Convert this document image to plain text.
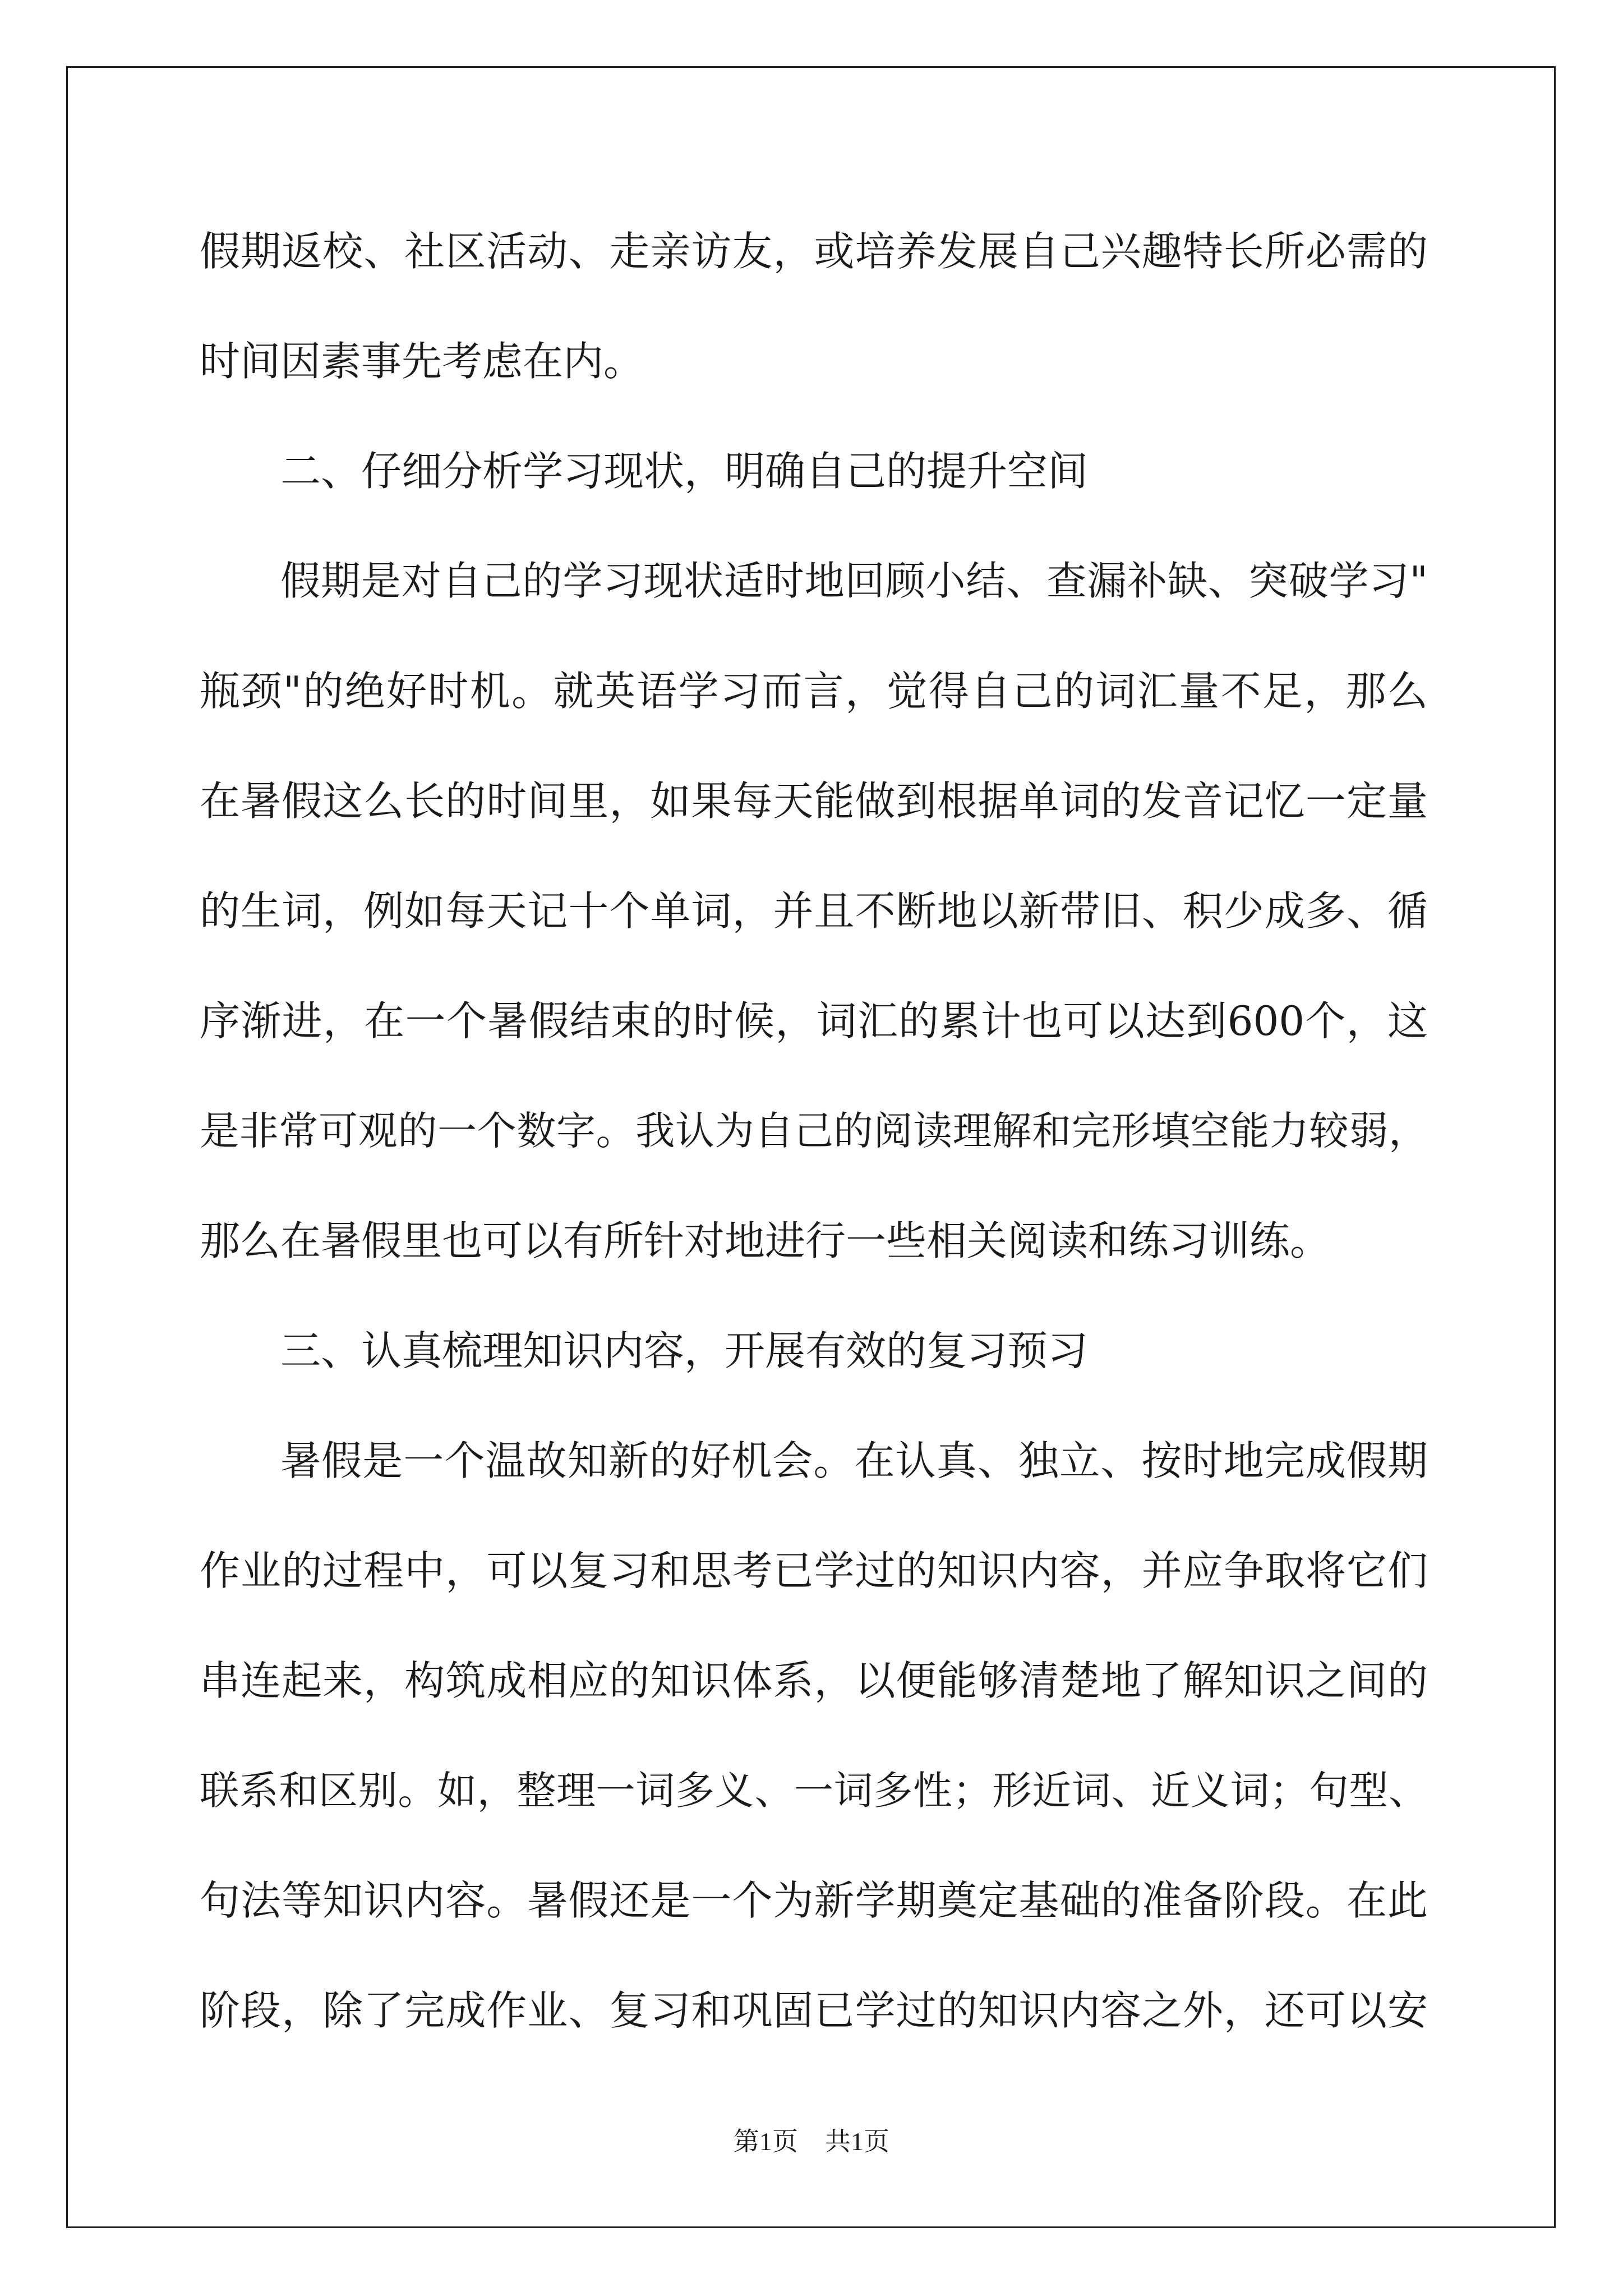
假期返校、社区活动、走亲访友，或培养发展自己兴趣特长所必需的
时间因素事先考虑在内。
二、仔细分析学习现状，明确自己的提升空间
假期是对自己的学习现状适时地回顾小结、查漏补缺、突破学习"
瓶颈"的绝好时机。就英语学习而言，觉得自己的词汇量不足，那么
在暑假这么长的时间里，如果每天能做到根据单词的发音记忆一定量
的生词，例如每天记十个单词，并且不断地以新带旧、积少成多、循
序渐进，在一个暑假结束的时候，词汇的累计也可以达到600个，这
是非常可观的一个数字。我认为自己的阅读理解和完形填空能力较弱，
那么在暑假里也可以有所针对地进行一些相关阅读和练习训练。
三、认真梳理知识内容，开展有效的复习预习
暑假是一个温故知新的好机会。在认真、独立、按时地完成假期
作业的过程中，可以复习和思考已学过的知识内容，并应争取将它们
串连起来，构筑成相应的知识体系，以便能够清楚地了解知识之间的
联系和区别。如，整理一词多义、一词多性；形近词、近义词；句型、
句法等知识内容。暑假还是一个为新学期奠定基础的准备阶段。在此
阶段，除了完成作业、复习和巩固已学过的知识内容之外，还可以安
第1页 共1页
